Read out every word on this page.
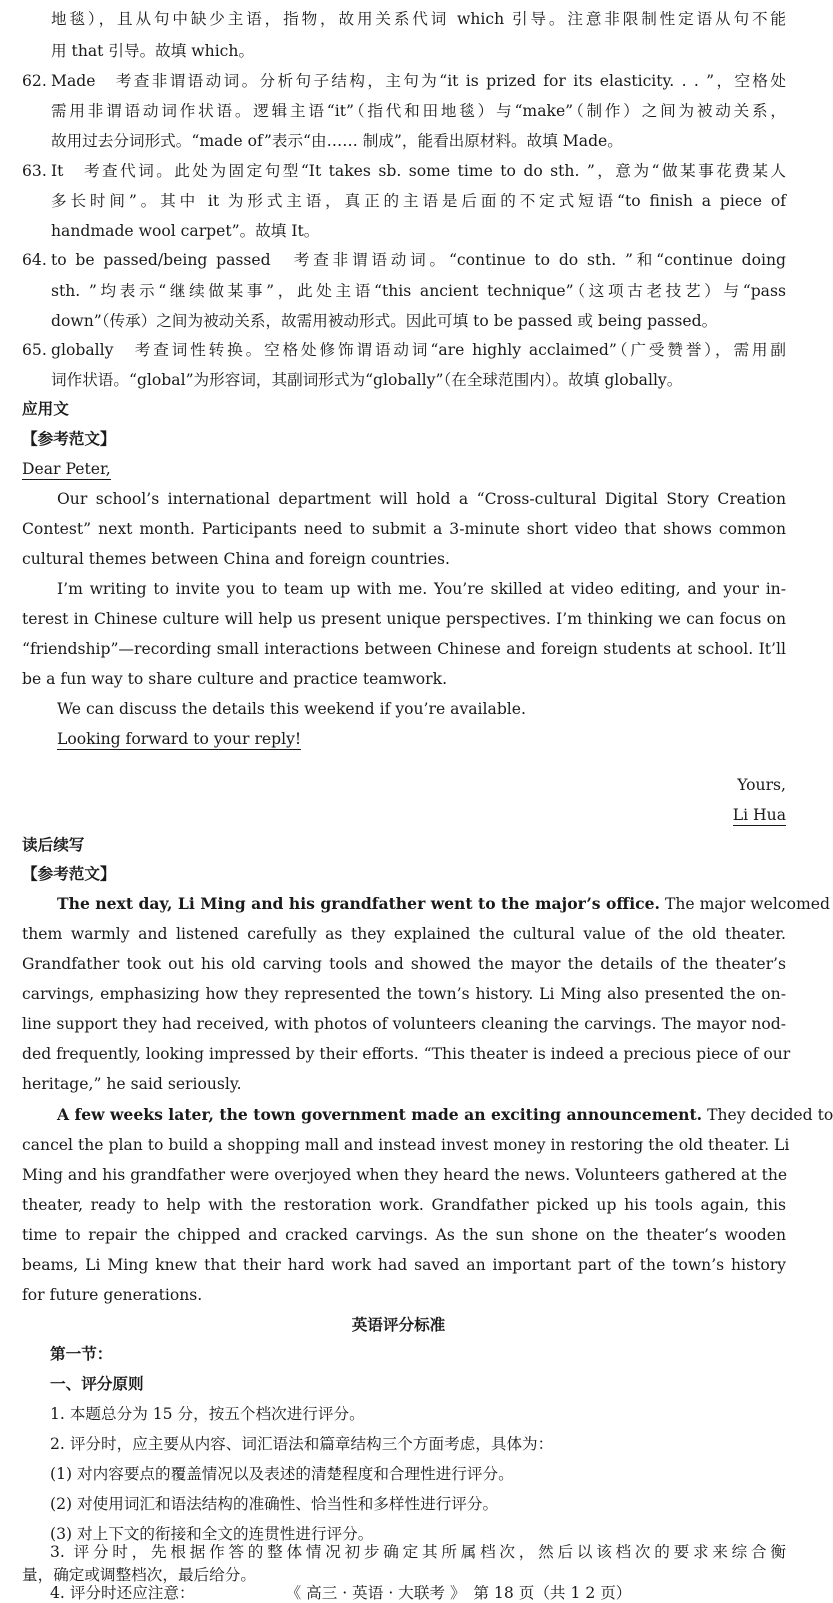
地毯），且从句中缺少主语，指物，故用关系代词 which 引导。注意非限制性定语从句不能
用 that 引导。故填 which。
62. Made　考查非谓语动词。分析句子结构，主句为“it is prized for its elasticity. . . ”，空格处
需用非谓语动词作状语。逻辑主语“it”（指代和田地毯）与“make”（制作）之间为被动关系，
故用过去分词形式。“made of”表示“由…… 制成”，能看出原材料。故填 Made。
63. It　考查代词。此处为固定句型“It takes sb. some time to do sth. ”，意为“做某事花费某人
多长时间”。其中 it 为形式主语，真正的主语是后面的不定式短语“to finish a piece of
handmade wool carpet”。故填 It。
64. to be passed/being passed　考查非谓语动词。“continue to do sth. ”和“continue doing
sth. ”均表示“继续做某事”，此处主语“this ancient technique”（这项古老技艺）与“pass
down”（传承）之间为被动关系，故需用被动形式。因此可填 to be passed 或 being passed。
65. globally　考查词性转换。空格处修饰谓语动词“are highly acclaimed”（广受赞誉），需用副
词作状语。“global”为形容词，其副词形式为“globally”（在全球范围内）。故填 globally。
应用文
【参考范文】
Dear Peter,
Our school’s international department will hold a “Cross-cultural Digital Story Creation
Contest” next month. Participants need to submit a 3-minute short video that shows common
cultural themes between China and foreign countries.
I’m writing to invite you to team up with me. You’re skilled at video editing, and your in-
terest in Chinese culture will help us present unique perspectives. I’m thinking we can focus on
“friendship”—recording small interactions between Chinese and foreign students at school. It’ll
be a fun way to share culture and practice teamwork.
We can discuss the details this weekend if you’re available.
Looking forward to your reply!
Yours,
Li Hua
读后续写
【参考范文】
The next day, Li Ming and his grandfather went to the major’s office. The major welcomed
them warmly and listened carefully as they explained the cultural value of the old theater.
Grandfather took out his old carving tools and showed the mayor the details of the theater’s
carvings, emphasizing how they represented the town’s history. Li Ming also presented the on-
line support they had received, with photos of volunteers cleaning the carvings. The mayor nod-
ded frequently, looking impressed by their efforts. “This theater is indeed a precious piece of our
heritage,” he said seriously.
A few weeks later, the town government made an exciting announcement. They decided to
cancel the plan to build a shopping mall and instead invest money in restoring the old theater. Li
Ming and his grandfather were overjoyed when they heard the news. Volunteers gathered at the
theater, ready to help with the restoration work. Grandfather picked up his tools again, this
time to repair the chipped and cracked carvings. As the sun shone on the theater’s wooden
beams, Li Ming knew that their hard work had saved an important part of the town’s history
for future generations.
英语评分标准
第一节：
一、评分原则
1. 本题总分为 15 分，按五个档次进行评分。
2. 评分时，应主要从内容、词汇语法和篇章结构三个方面考虑，具体为：
(1) 对内容要点的覆盖情况以及表述的清楚程度和合理性进行评分。
(2) 对使用词汇和语法结构的准确性、恰当性和多样性进行评分。
(3) 对上下文的衔接和全文的连贯性进行评分。
3. 评分时，先根据作答的整体情况初步确定其所属档次，然后以该档次的要求来综合衡
量，确定或调整档次，最后给分。
4. 评分时还应注意：	《 高三 · 英语 · 大联考 》　第 18 页（共 1 2 页）
